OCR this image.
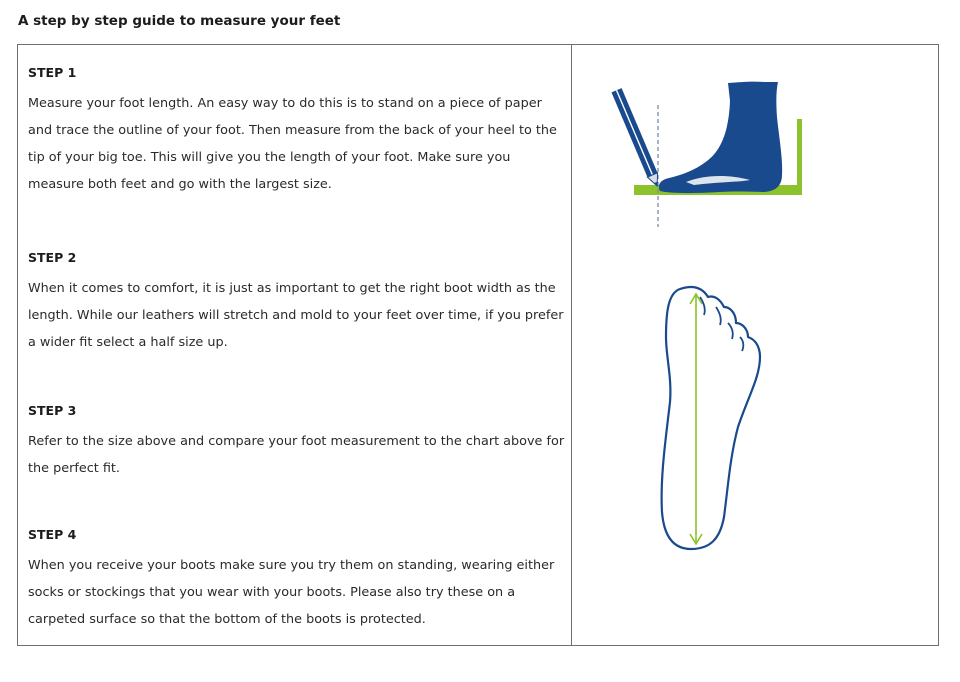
A step by step guide to measure your feet
STEP 1

Measure your foot length. An easy way to do this is to stand on a piece of paper and trace the outline of your foot. Then measure from the back of your heel to the tip of your big toe. This will give you the length of your foot. Make sure you measure both feet and go with the largest size.

STEP 2

When it comes to comfort, it is just as important to get the right boot width as the length. While our leathers will stretch and mold to your feet over time, if you prefer a wider fit select a half size up.

STEP 3

Refer to the size above and compare your foot measurement to the chart above for the perfect fit.

STEP 4

When you receive your boots make sure you try them on standing, wearing either socks or stockings that you wear with your boots. Please also try these on a carpeted surface so that the bottom of the boots is protected.
